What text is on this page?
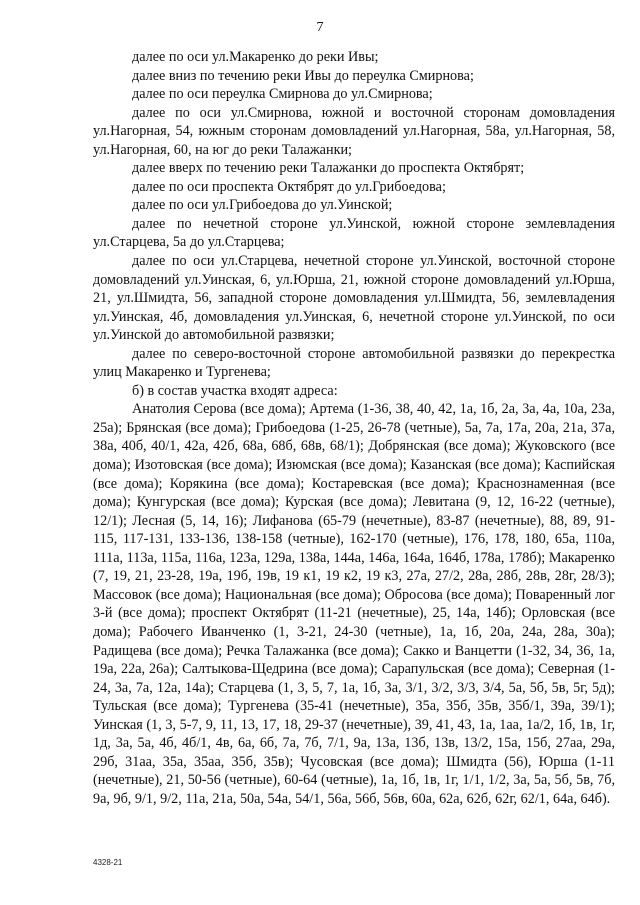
7

далее по оси ул.Макаренко до реки Ивы;

далее вниз по течению реки Ивы до переулка Смирнова;

далее по оси переулка Смирнова до ул.Смирнова;

далее по оси ул.Смирнова, южной и восточной сторонам домовладения ул.Нагорная, 54, южным сторонам домовладений ул.Нагорная, 58а, ул.Нагорная, 58, ул.Нагорная, 60, на юг до реки Талажанки;

далее вверх по течению реки Талажанки до проспекта Октябрят;

далее по оси проспекта Октябрят до ул.Грибоедова;

далее по оси ул.Грибоедова до ул.Уинской;

далее по нечетной стороне ул.Уинской, южной стороне землевладения ул.Старцева, 5а до ул.Старцева;

далее по оси ул.Старцева, нечетной стороне ул.Уинской, восточной стороне домовладений ул.Уинская, 6, ул.Юрша, 21, южной стороне домовладений ул.Юрша, 21, ул.Шмидта, 56, западной стороне домовладения ул.Шмидта, 56, землевладения ул.Уинская, 4б, домовладения ул.Уинская, 6, нечетной стороне ул.Уинской, по оси ул.Уинской до автомобильной развязки;

далее по северо-восточной стороне автомобильной развязки до перекрестка улиц Макаренко и Тургенева;

б) в состав участка входят адреса:

Анатолия Серова (все дома); Артема (1-36, 38, 40, 42, 1а, 1б, 2а, 3а, 4а, 10а, 23а, 25а); Брянская (все дома); Грибоедова (1-25, 26-78 (четные), 5а, 7а, 17а, 20а, 21а, 37а, 38а, 40б, 40/1, 42а, 42б, 68а, 68б, 68в, 68/1); Добрянская (все дома); Жуковского (все дома); Изотовская (все дома); Изюмская (все дома); Казанская (все дома); Каспийская (все дома); Корякина (все дома); Костаревская (все дома); Краснознаменная (все дома); Кунгурская (все дома); Курская (все дома); Левитана (9, 12, 16-22 (четные), 12/1); Лесная (5, 14, 16); Лифанова (65-79 (нечетные), 83-87 (нечетные), 88, 89, 91-115, 117-131, 133-136, 138-158 (четные), 162-170 (четные), 176, 178, 180, 65а, 110а, 111а, 113а, 115а, 116а, 123а, 129а, 138а, 144а, 146а, 164а, 164б, 178а, 178б); Макаренко (7, 19, 21, 23-28, 19а, 19б, 19в, 19 к1, 19 к2, 19 к3, 27а, 27/2, 28а, 28б, 28в, 28г, 28/3); Массовок (все дома); Национальная (все дома); Обросова (все дома); Поваренный лог 3-й (все дома); проспект Октябрят (11-21 (нечетные), 25, 14а, 14б); Орловская (все дома); Рабочего Иванченко (1, 3-21, 24-30 (четные), 1а, 1б, 20а, 24а, 28а, 30а); Радищева (все дома); Речка Талажанка (все дома); Сакко и Ванцетти (1-32, 34, 36, 1а, 19а, 22а, 26а); Салтыкова-Щедрина (все дома); Сарапульская (все дома); Северная (1-24, 3а, 7а, 12а, 14а); Старцева (1, 3, 5, 7, 1а, 1б, 3а, 3/1, 3/2, 3/3, 3/4, 5а, 5б, 5в, 5г, 5д); Тульская (все дома); Тургенева (35-41 (нечетные), 35а, 35б, 35в, 35б/1, 39а, 39/1); Уинская (1, 3, 5-7, 9, 11, 13, 17, 18, 29-37 (нечетные), 39, 41, 43, 1а, 1аа, 1а/2, 1б, 1в, 1г, 1д, 3а, 5а, 4б, 4б/1, 4в, 6а, 6б, 7а, 7б, 7/1, 9а, 13а, 13б, 13в, 13/2, 15а, 15б, 27аа, 29а, 29б, 31аа, 35а, 35аа, 35б, 35в); Чусовская (все дома); Шмидта (56), Юрша (1-11 (нечетные), 21, 50-56 (четные), 60-64 (четные), 1а, 1б, 1в, 1г, 1/1, 1/2, 3а, 5а, 5б, 5в, 7б, 9а, 9б, 9/1, 9/2, 11а, 21а, 50а, 54а, 54/1, 56а, 56б, 56в, 60а, 62а, 62б, 62г, 62/1, 64а, 64б).

4328-21
